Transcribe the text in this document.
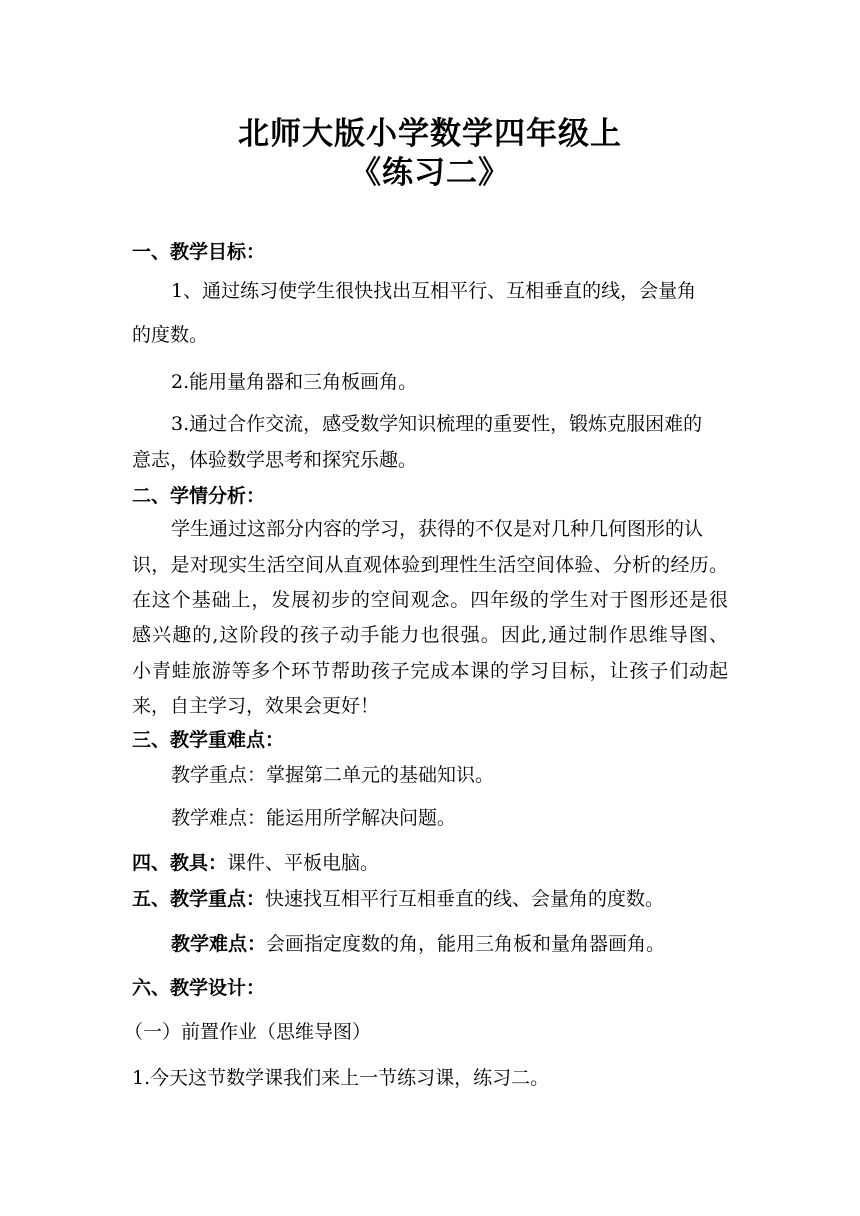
北师大版小学数学四年级上
《练习二》
一、教学目标：
1、通过练习使学生很快找出互相平行、互相垂直的线，会量角
的度数。
2.能用量角器和三角板画角。
3.通过合作交流，感受数学知识梳理的重要性，锻炼克服困难的
意志，体验数学思考和探究乐趣。
二、学情分析：
学生通过这部分内容的学习，获得的不仅是对几种几何图形的认
识，是对现实生活空间从直观体验到理性生活空间体验、分析的经历。
在这个基础上，发展初步的空间观念。四年级的学生对于图形还是很
感兴趣的,这阶段的孩子动手能力也很强。因此,通过制作思维导图、
小青蛙旅游等多个环节帮助孩子完成本课的学习目标，让孩子们动起
来，自主学习，效果会更好！
三、教学重难点：
教学重点：掌握第二单元的基础知识。
教学难点：能运用所学解决问题。
四、教具：课件、平板电脑。
五、教学重点：快速找互相平行互相垂直的线、会量角的度数。
教学难点：会画指定度数的角，能用三角板和量角器画角。
六、教学设计：
（一）前置作业（思维导图）
1.今天这节数学课我们来上一节练习课，练习二。
